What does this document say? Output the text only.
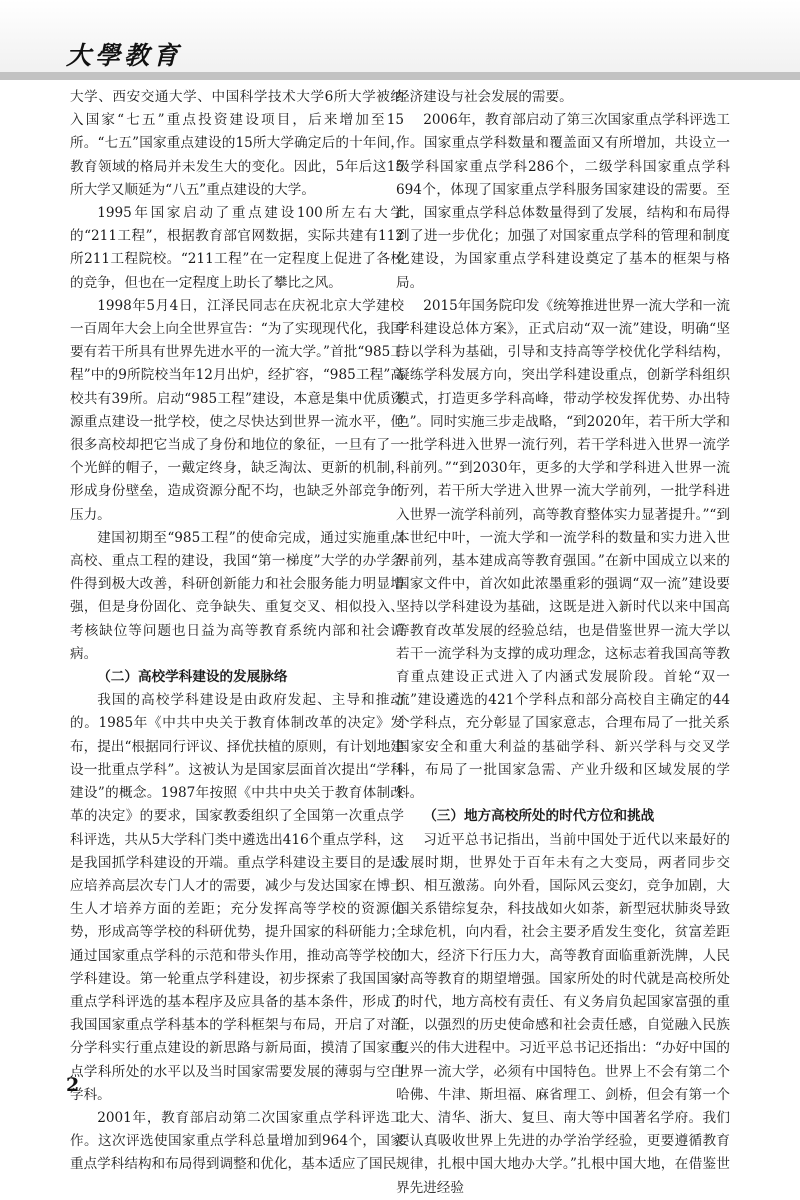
大學教育

大学、西安交通大学、中国科学技术大学6所大学被纳入国家“七五”重点投资建设项目，后来增加至15所。“七五”国家重点建设的15所大学确定后的十年间，教育领域的格局并未发生大的变化。因此，5年后这15所大学又顺延为“八五”重点建设的大学。

1995年国家启动了重点建设100所左右大学的“211工程”，根据教育部官网数据，实际共建有112所211工程院校。“211工程”在一定程度上促进了各校的竞争，但也在一定程度上助长了攀比之风。

1998年5月4日，江泽民同志在庆祝北京大学建校一百周年大会上向全世界宣告：“为了实现现代化，我国要有若干所具有世界先进水平的一流大学。”首批“985工程”中的9所院校当年12月出炉，经扩容，“985工程”高校共有39所。启动“985工程”建设，本意是集中优质资源重点建设一批学校，使之尽快达到世界一流水平，但很多高校却把它当成了身份和地位的象征，一旦有了一个光鲜的帽子，一戴定终身，缺乏淘汰、更新的机制，形成身份壁垒，造成资源分配不均，也缺乏外部竞争的压力。

建国初期至“985工程”的使命完成，通过实施重点高校、重点工程的建设，我国“第一梯度”大学的办学条件得到极大改善，科研创新能力和社会服务能力明显增强，但是身份固化、竞争缺失、重复交叉、相似投入、考核缺位等问题也日益为高等教育系统内部和社会诟病。

（二）高校学科建设的发展脉络

我国的高校学科建设是由政府发起、主导和推动的。1985年《中共中央关于教育体制改革的决定》发布，提出“根据同行评议、择优扶植的原则，有计划地建设一批重点学科”。这被认为是国家层面首次提出“学科建设”的概念。1987年按照《中共中央关于教育体制改革的决定》的要求，国家教委组织了全国第一次重点学科评选，共从5大学科门类中遴选出416个重点学科，这是我国抓学科建设的开端。重点学科建设主要目的是适应培养高层次专门人才的需要，减少与发达国家在博士生人才培养方面的差距；充分发挥高等学校的资源优势，形成高等学校的科研优势，提升国家的科研能力；通过国家重点学科的示范和带头作用，推动高等学校的学科建设。第一轮重点学科建设，初步探索了我国国家重点学科评选的基本程序及应具备的基本条件，形成了我国国家重点学科基本的学科框架与布局，开启了对部分学科实行重点建设的新思路与新局面，摸清了国家重点学科所处的水平以及当时国家需要发展的薄弱与空白学科。

2001年，教育部启动第二次国家重点学科评选工作。这次评选使国家重点学科总量增加到964个，国家重点学科结构和布局得到调整和优化，基本适应了国民

经济建设与社会发展的需要。

2006年，教育部启动了第三次国家重点学科评选工作。国家重点学科数量和覆盖面又有所增加，共设立一级学科国家重点学科286个，二级学科国家重点学科694个，体现了国家重点学科服务国家建设的需要。至此，国家重点学科总体数量得到了发展，结构和布局得到了进一步优化；加强了对国家重点学科的管理和制度化建设，为国家重点学科建设奠定了基本的框架与格局。

2015年国务院印发《统筹推进世界一流大学和一流学科建设总体方案》，正式启动“双一流”建设，明确“坚持以学科为基础，引导和支持高等学校优化学科结构，凝练学科发展方向，突出学科建设重点，创新学科组织模式，打造更多学科高峰，带动学校发挥优势、办出特色”。同时实施三步走战略，“到2020年，若干所大学和一批学科进入世界一流行列，若干学科进入世界一流学科前列。”“到2030年，更多的大学和学科进入世界一流行列，若干所大学进入世界一流大学前列，一批学科进入世界一流学科前列，高等教育整体实力显著提升。”“到本世纪中叶，一流大学和一流学科的数量和实力进入世界前列，基本建成高等教育强国。”在新中国成立以来的国家文件中，首次如此浓墨重彩的强调“双一流”建设要坚持以学科建设为基础，这既是进入新时代以来中国高等教育改革发展的经验总结，也是借鉴世界一流大学以若干一流学科为支撑的成功理念，这标志着我国高等教育重点建设正式进入了内涵式发展阶段。首轮“双一流”建设遴选的421个学科点和部分高校自主确定的44个学科点，充分彰显了国家意志，合理布局了一批关系国家安全和重大利益的基础学科、新兴学科与交叉学科，布局了一批国家急需、产业升级和区域发展的学科。

（三）地方高校所处的时代方位和挑战

习近平总书记指出，当前中国处于近代以来最好的发展时期，世界处于百年未有之大变局，两者同步交织、相互激荡。向外看，国际风云变幻，竞争加剧，大国关系错综复杂，科技战如火如荼，新型冠状肺炎导致全球危机，向内看，社会主要矛盾发生变化，贫富差距加大，经济下行压力大，高等教育面临重新洗牌，人民对高等教育的期望增强。国家所处的时代就是高校所处的时代，地方高校有责任、有义务肩负起国家富强的重任，以强烈的历史使命感和社会责任感，自觉融入民族复兴的伟大进程中。习近平总书记还指出：“办好中国的世界一流大学，必须有中国特色。世界上不会有第二个哈佛、牛津、斯坦福、麻省理工、剑桥，但会有第一个北大、清华、浙大、复旦、南大等中国著名学府。我们要认真吸收世界上先进的办学治学经验，更要遵循教育规律，扎根中国大地办大学。”扎根中国大地，在借鉴世界先进经验

2
